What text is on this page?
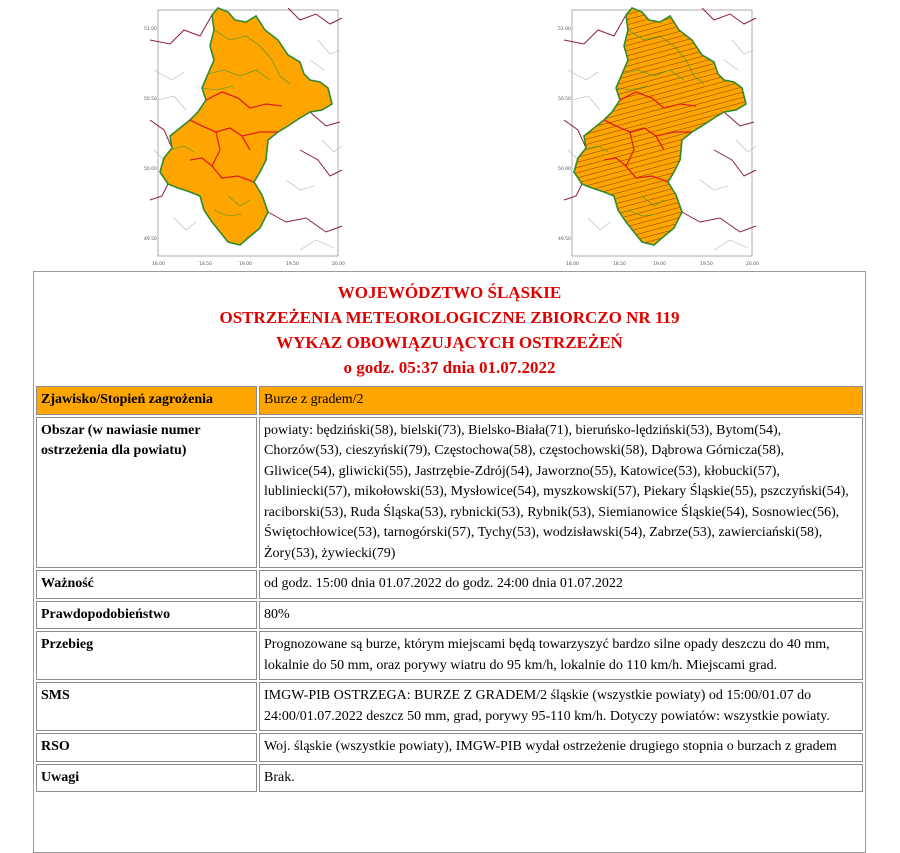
51.00
50.50
50.00
49.50
18.00	18.50	19.00	19.50	20.00
51.00
50.50
50.00
49.50
18.00	18.50	19.00	19.50	20.00
WOJEWÓDZTWO ŚLĄSKIE
OSTRZEŻENIA METEOROLOGICZNE ZBIORCZO NR 119
WYKAZ OBOWIĄZUJĄCYCH OSTRZEŻEŃ
o godz. 05:37 dnia 01.07.2022
Zjawisko/Stopień zagrożenia	Burze z gradem/2
Obszar (w nawiasie numer ostrzeżenia dla powiatu)	powiaty: będziński(58), bielski(73), Bielsko-Biała(71), bieruńsko-lędziński(53), Bytom(54), Chorzów(53), cieszyński(79), Częstochowa(58), częstochowski(58), Dąbrowa Górnicza(58), Gliwice(54), gliwicki(55), Jastrzębie-Zdrój(54), Jaworzno(55), Katowice(53), kłobucki(57), lubliniecki(57), mikołowski(53), Mysłowice(54), myszkowski(57), Piekary Śląskie(55), pszczyński(54), raciborski(53), Ruda Śląska(53), rybnicki(53), Rybnik(53), Siemianowice Śląskie(54), Sosnowiec(56), Świętochłowice(53), tarnogórski(57), Tychy(53), wodzisławski(54), Zabrze(53), zawierciański(58), Żory(53), żywiecki(79)
Ważność	od godz. 15:00 dnia 01.07.2022 do godz. 24:00 dnia 01.07.2022
Prawdopodobieństwo	80%
Przebieg	Prognozowane są burze, którym miejscami będą towarzyszyć bardzo silne opady deszczu do 40 mm, lokalnie do 50 mm, oraz porywy wiatru do 95 km/h, lokalnie do 110 km/h. Miejscami grad.
SMS	IMGW-PIB OSTRZEGA: BURZE Z GRADEM/2 śląskie (wszystkie powiaty) od 15:00/01.07 do 24:00/01.07.2022 deszcz 50 mm, grad, porywy 95-110 km/h. Dotyczy powiatów: wszystkie powiaty.
RSO	Woj. śląskie (wszystkie powiaty), IMGW-PIB wydał ostrzeżenie drugiego stopnia o burzach z gradem
Uwagi	Brak.
